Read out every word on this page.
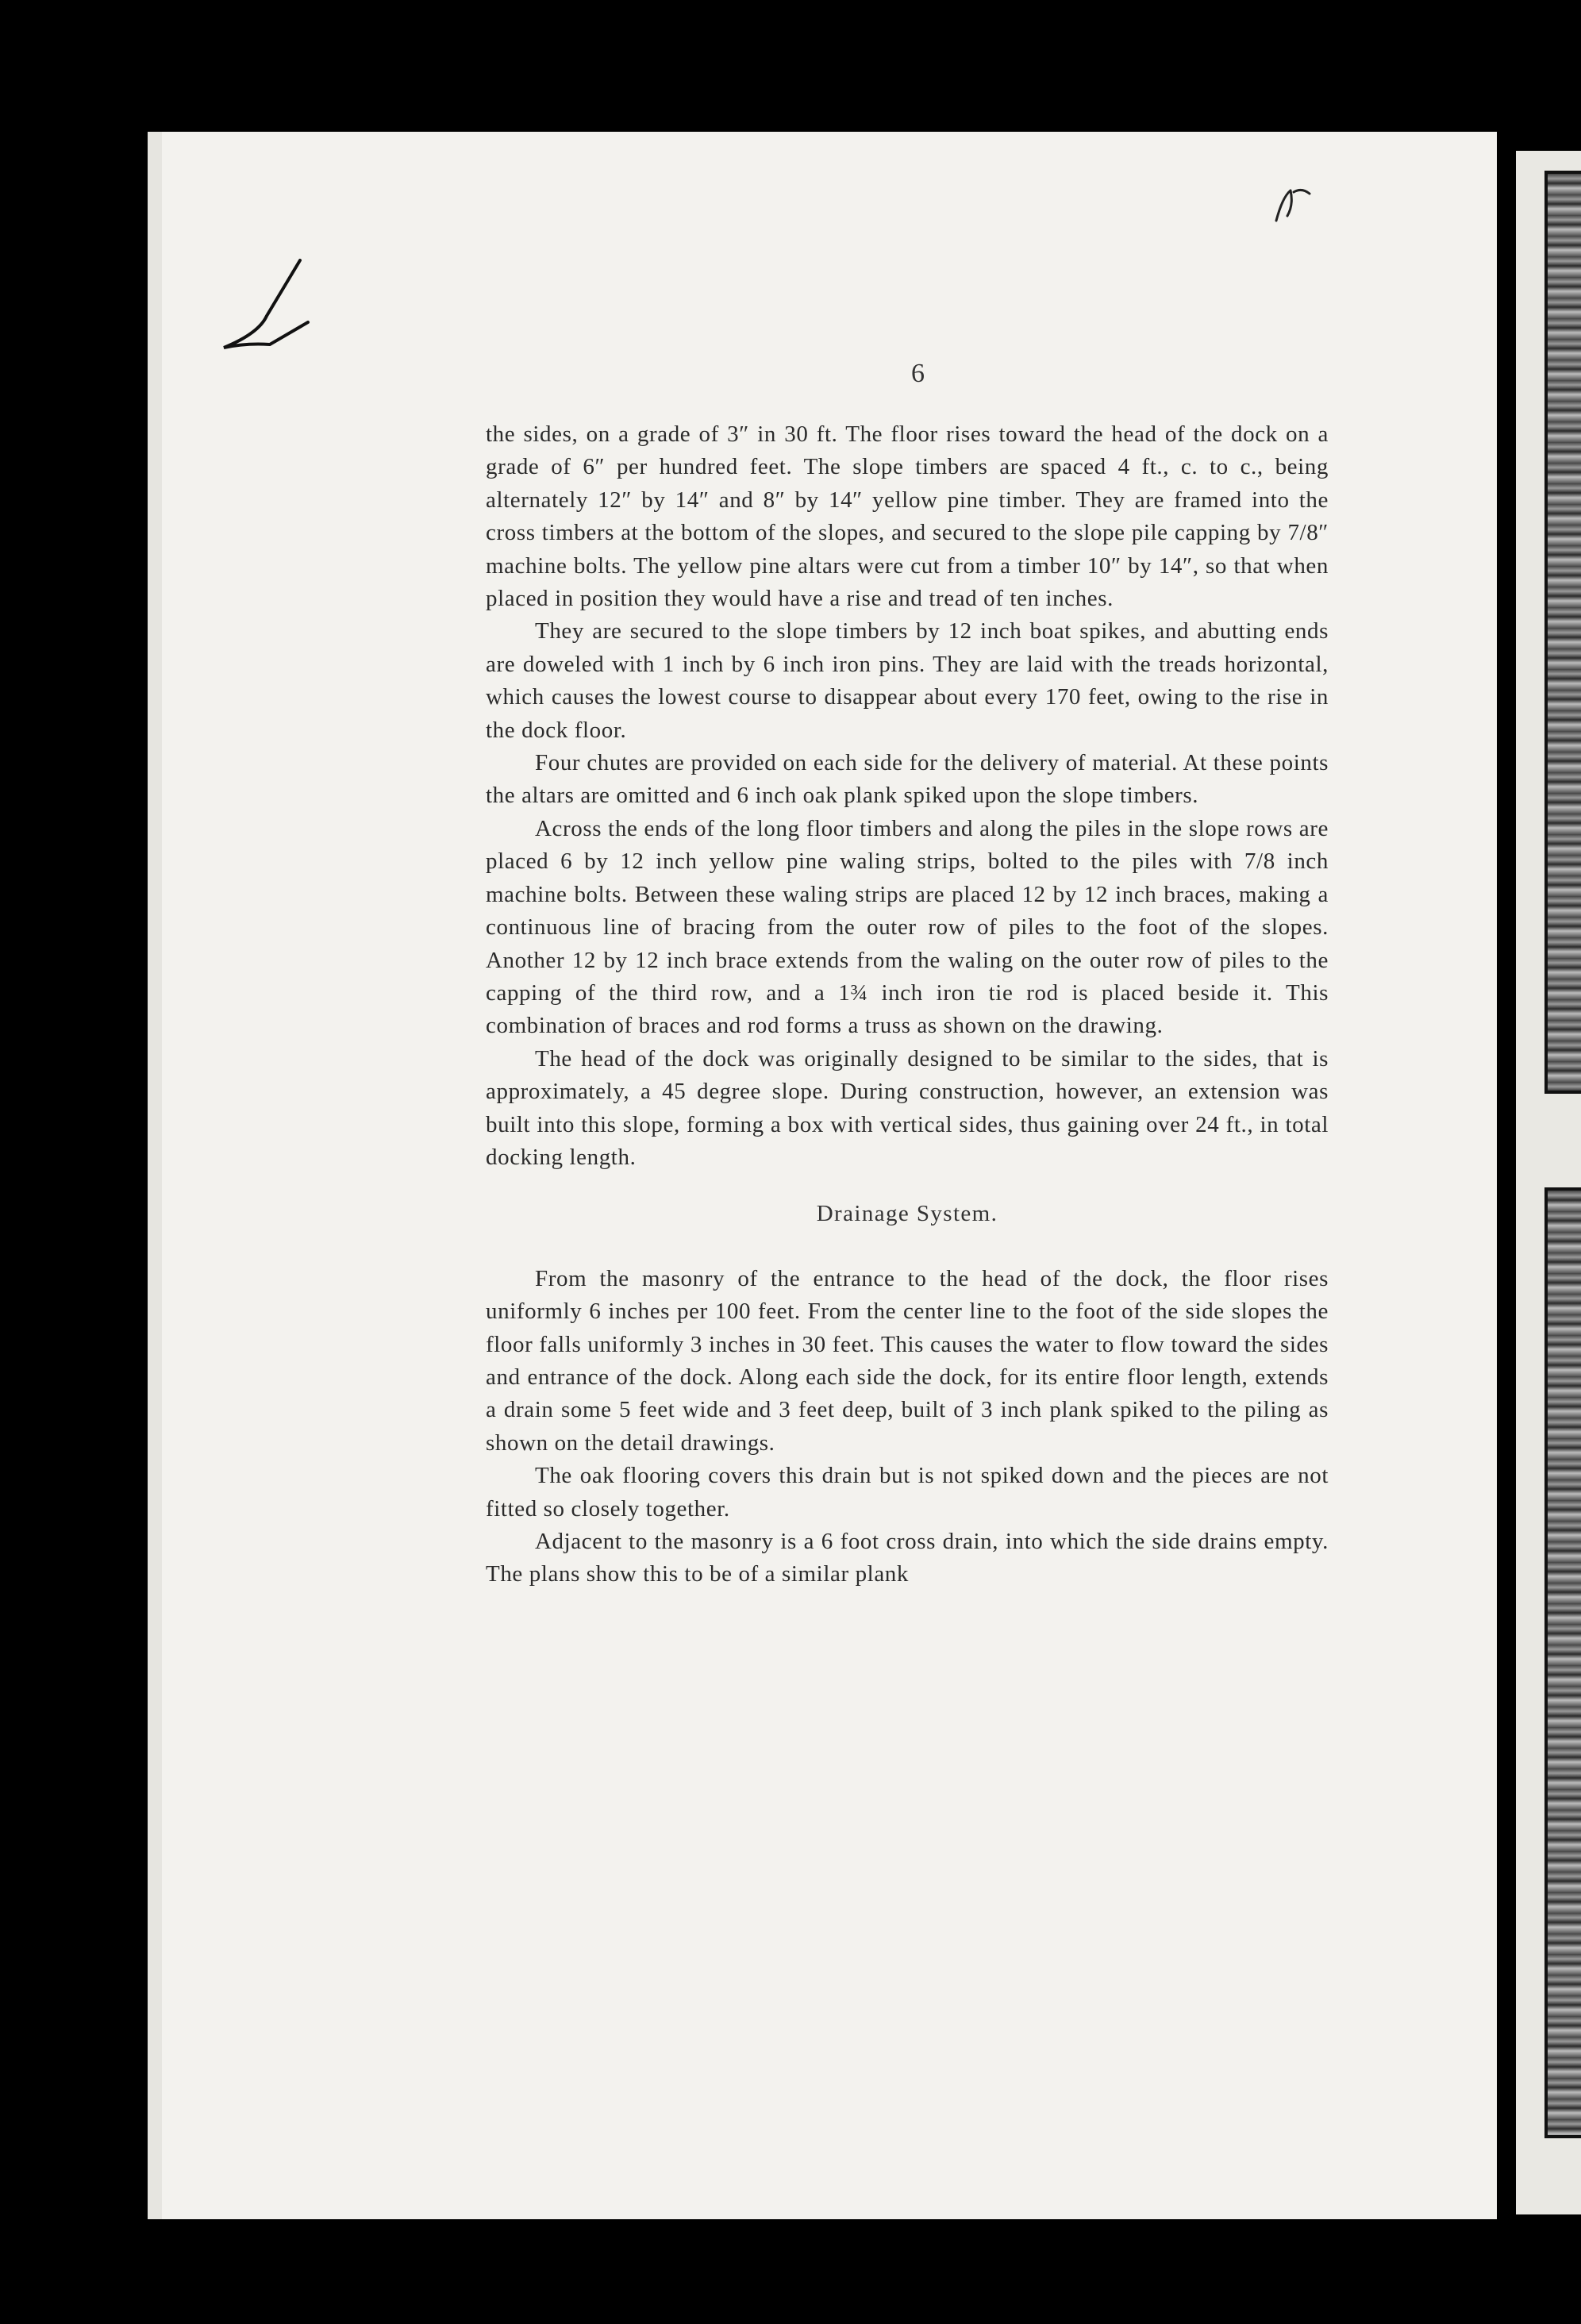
6

the sides, on a grade of 3″ in 30 ft. The floor rises toward the head of the dock on a grade of 6″ per hundred feet. The slope timbers are spaced 4 ft., c. to c., being alternately 12″ by 14″ and 8″ by 14″ yellow pine timber. They are framed into the cross timbers at the bottom of the slopes, and secured to the slope pile capping by 7/8″ machine bolts. The yellow pine altars were cut from a timber 10″ by 14″, so that when placed in position they would have a rise and tread of ten inches.

They are secured to the slope timbers by 12 inch boat spikes, and abutting ends are doweled with 1 inch by 6 inch iron pins. They are laid with the treads horizontal, which causes the lowest course to disappear about every 170 feet, owing to the rise in the dock floor.

Four chutes are provided on each side for the delivery of material. At these points the altars are omitted and 6 inch oak plank spiked upon the slope timbers.

Across the ends of the long floor timbers and along the piles in the slope rows are placed 6 by 12 inch yellow pine waling strips, bolted to the piles with 7/8 inch machine bolts. Between these waling strips are placed 12 by 12 inch braces, making a continuous line of bracing from the outer row of piles to the foot of the slopes. Another 12 by 12 inch brace extends from the waling on the outer row of piles to the capping of the third row, and a 1¾ inch iron tie rod is placed beside it. This combination of braces and rod forms a truss as shown on the drawing.

The head of the dock was originally designed to be similar to the sides, that is approximately, a 45 degree slope. During construction, however, an extension was built into this slope, forming a box with vertical sides, thus gaining over 24 ft., in total docking length.

Drainage System.

From the masonry of the entrance to the head of the dock, the floor rises uniformly 6 inches per 100 feet. From the center line to the foot of the side slopes the floor falls uniformly 3 inches in 30 feet. This causes the water to flow toward the sides and entrance of the dock. Along each side the dock, for its entire floor length, extends a drain some 5 feet wide and 3 feet deep, built of 3 inch plank spiked to the piling as shown on the detail drawings.

The oak flooring covers this drain but is not spiked down and the pieces are not fitted so closely together.

Adjacent to the masonry is a 6 foot cross drain, into which the side drains empty. The plans show this to be of a similar plank
